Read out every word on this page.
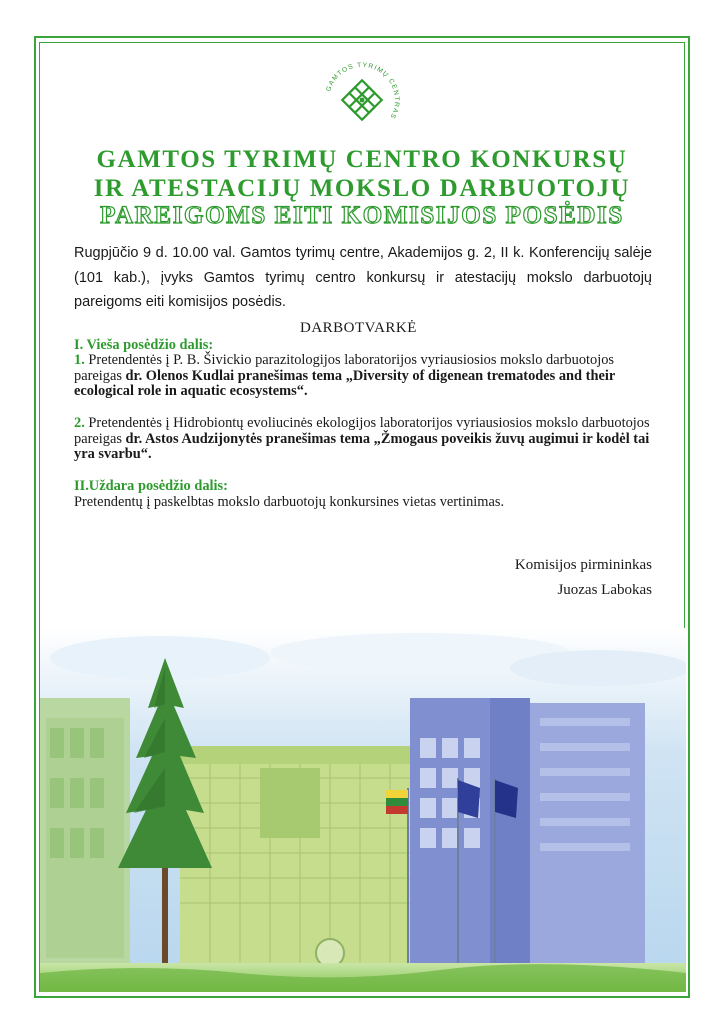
GAMTOS TYRIMŲ CENTRAS
GAMTOS TYRIMŲ CENTRO KONKURSŲ
IR ATESTACIJŲ MOKSLO DARBUOTOJŲ
PAREIGOMS EITI KOMISIJOS POSĖDIS
Rugpjūčio 9 d. 10.00 val. Gamtos tyrimų centre, Akademijos g. 2, II k. Konferencijų salėje (101 kab.), įvyks Gamtos tyrimų centro konkursų ir atestacijų mokslo darbuotojų pareigoms eiti komisijos posėdis.
DARBOTVARKĖ
I. Vieša posėdžio dalis:
1. Pretendentės į P. B. Šivickio parazitologijos laboratorijos vyriausiosios mokslo darbuotojos pareigas dr. Olenos Kudlai pranešimas tema „Diversity of digenean trematodes and their ecological role in aquatic ecosystems“.
2. Pretendentės į Hidrobiontų evoliucinės ekologijos laboratorijos vyriausiosios mokslo darbuotojos pareigas dr. Astos Audzijonytės pranešimas tema „Žmogaus poveikis žuvų augimui ir kodėl tai yra svarbu“.
II.Uždara posėdžio dalis:
Pretendentų į paskelbtas mokslo darbuotojų konkursines vietas vertinimas.
Komisijos pirmininkas
Juozas Labokas
